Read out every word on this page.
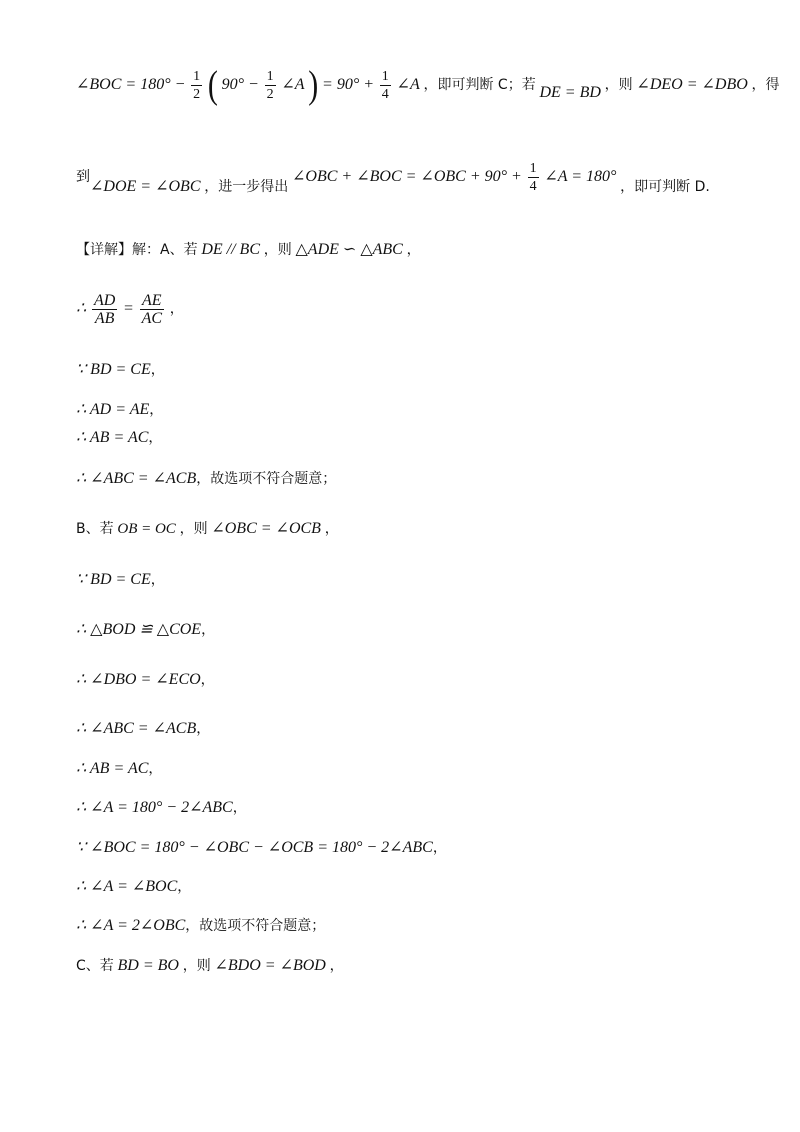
∠BOC = $180^\circ - \frac{1}{2}$ ( $90^\circ - \frac{1}{2}$ ∠A ) = $90^\circ + \frac{1}{4}$ ∠A ，即可判断 C；若 DE = BD ，则 ∠DEO = ∠DBO ，得
到∠DOE = ∠OBC ，进一步得出 ∠OBC + ∠BOC = ∠OBC + $90^\circ + \frac{1}{4}$ ∠A = 180° ，即可判断 D.
【详解】解：A、若 DE // BC ，则 △ADE ∽ △ABC ，
∴ $\frac{AD}{AB} = \frac{AE}{AC}$ ，
∵ BD = CE，
∴ AD = AE，
∴ AB = AC，
∴ ∠ABC = ∠ACB，故选项不符合题意；
B、若 OB = OC ，则 ∠OBC = ∠OCB ，
∵ BD = CE，
∴ △BOD ≌ △COE，
∴ ∠DBO = ∠ECO，
∴ ∠ABC = ∠ACB，
∴ AB = AC，
∴ ∠A = 180° − 2∠ABC，
∵ ∠BOC = 180° − ∠OBC − ∠OCB = 180° − 2∠ABC，
∴ ∠A = ∠BOC，
∴ ∠A = 2∠OBC，故选项不符合题意；
C、若 BD = BO ，则 ∠BDO = ∠BOD ，
